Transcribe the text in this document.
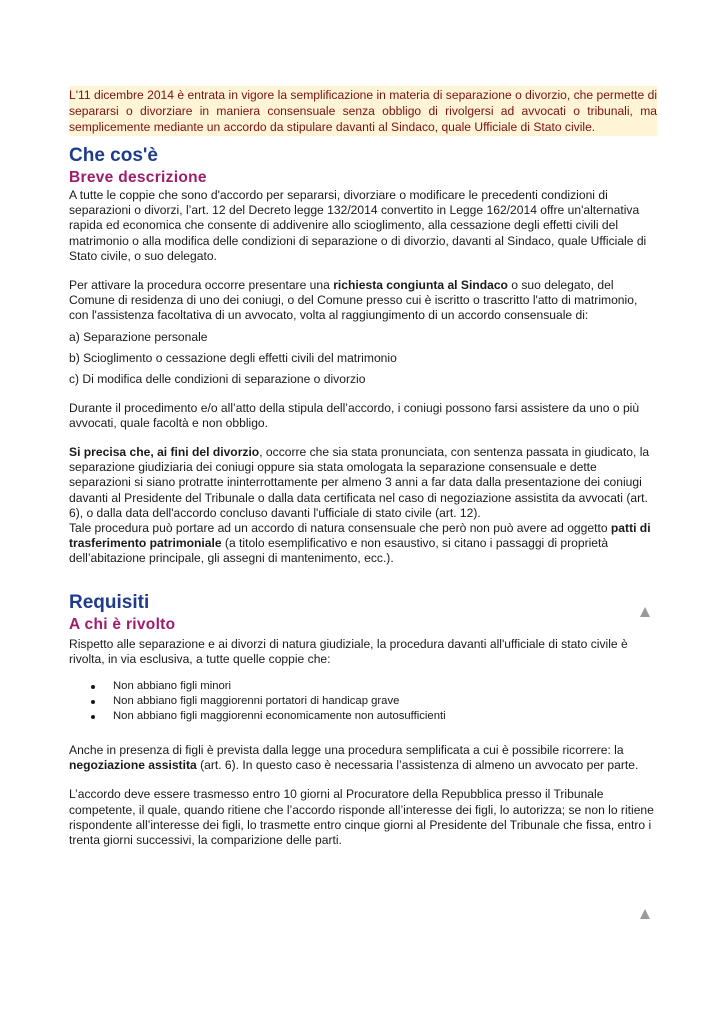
L'11 dicembre 2014 è entrata in vigore la semplificazione in materia di separazione o divorzio, che permette di separarsi o divorziare in maniera consensuale senza obbligo di rivolgersi ad avvocati o tribunali, ma semplicemente mediante un accordo da stipulare davanti al Sindaco, quale Ufficiale di Stato civile.
Che cos'è
Breve descrizione

A tutte le coppie che sono d'accordo per separarsi, divorziare o modificare le precedenti condizioni di separazioni o divorzi, l’art. 12 del Decreto legge 132/2014 convertito in Legge 162/2014 offre un'alternativa rapida ed economica che consente di addivenire allo scioglimento, alla cessazione degli effetti civili del matrimonio o alla modifica delle condizioni di separazione o di divorzio, davanti al Sindaco, quale Ufficiale di Stato civile, o suo delegato.

Per attivare la procedura occorre presentare una richiesta congiunta al Sindaco o suo delegato, del Comune di residenza di uno dei coniugi, o del Comune presso cui è iscritto o trascritto l'atto di matrimonio, con l'assistenza facoltativa di un avvocato, volta al raggiungimento di un accordo consensuale di:

a) Separazione personale

b) Scioglimento o cessazione degli effetti civili del matrimonio

c) Di modifica delle condizioni di separazione o divorzio

Durante il procedimento e/o all’atto della stipula dell’accordo, i coniugi possono farsi assistere da uno o più avvocati, quale facoltà e non obbligo.

Si precisa che, ai fini del divorzio, occorre che sia stata pronunciata, con sentenza passata in giudicato, la separazione giudiziaria dei coniugi oppure sia stata omologata la separazione consensuale e dette separazioni si siano protratte ininterrottamente per almeno 3 anni a far data dalla presentazione dei coniugi davanti al Presidente del Tribunale o dalla data certificata nel caso di negoziazione assistita da avvocati (art. 6), o dalla data dell'accordo concluso davanti l'ufficiale di stato civile (art. 12).

Tale procedura può portare ad un accordo di natura consensuale che però non può avere ad oggetto patti di trasferimento patrimoniale (a titolo esemplificativo e non esaustivo, si citano i passaggi di proprietà dell’abitazione principale, gli assegni di mantenimento, ecc.).

Requisiti
A chi è rivolto

Rispetto alle separazione e ai divorzi di natura giudiziale, la procedura davanti all'ufficiale di stato civile è rivolta, in via esclusiva, a tutte quelle coppie che:

Non abbiano figli minori
Non abbiano figli maggiorenni portatori di handicap grave
Non abbiano figli maggiorenni economicamente non autosufficienti

Anche in presenza di figli è prevista dalla legge una procedura semplificata a cui è possibile ricorrere: la negoziazione assistita (art. 6). In questo caso è necessaria l’assistenza di almeno un avvocato per parte.

L’accordo deve essere trasmesso entro 10 giorni al Procuratore della Repubblica presso il Tribunale competente, il quale, quando ritiene che l’accordo risponde all’interesse dei figli, lo autorizza; se non lo ritiene rispondente all’interesse dei figli, lo trasmette entro cinque giorni al Presidente del Tribunale che fissa, entro i trenta giorni successivi, la comparizione delle parti.
